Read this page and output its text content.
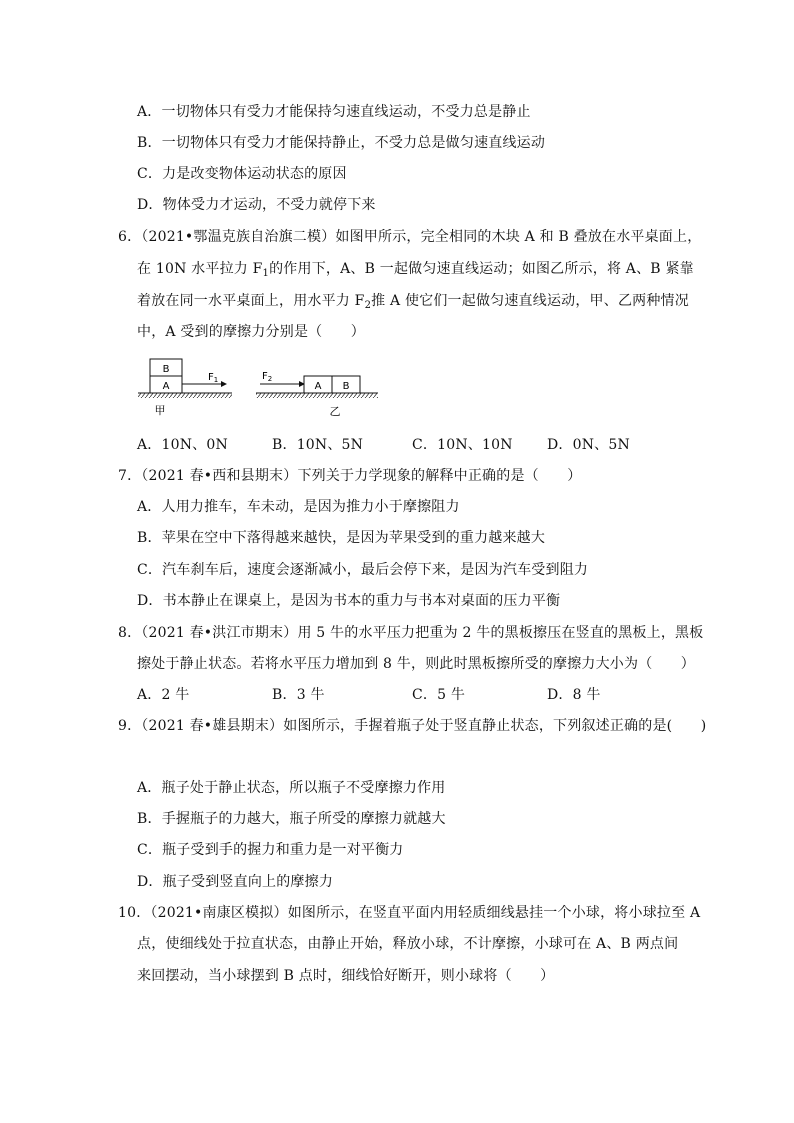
A．一切物体只有受力才能保持匀速直线运动，不受力总是静止
B．一切物体只有受力才能保持静止，不受力总是做匀速直线运动
C．力是改变物体运动状态的原因
D．物体受力才运动，不受力就停下来
6．（2021•鄂温克族自治旗二模）如图甲所示，完全相同的木块 A 和 B 叠放在水平桌面上，
在 10N 水平拉力 $F_1$的作用下，A、B 一起做匀速直线运动；如图乙所示，将 A、B 紧靠
着放在同一水平桌面上，用水平力 $F_2$推 A 使它们一起做匀速直线运动，甲、乙两种情况
中，A 受到的摩擦力分别是（　　）
B
A
$F_1$
甲
$F_2$
A B
乙
A．10N、0N	B．10N、5N	C．10N、10N D．0N、5N
7．（2021 春•西和县期末）下列关于力学现象的解释中正确的是（　　）
A．人用力推车，车未动，是因为推力小于摩擦阻力
B．苹果在空中下落得越来越快，是因为苹果受到的重力越来越大
C．汽车刹车后，速度会逐渐减小，最后会停下来，是因为汽车受到阻力
D．书本静止在课桌上，是因为书本的重力与书本对桌面的压力平衡
8．（2021 春•洪江市期末）用 5 牛的水平压力把重为 2 牛的黑板擦压在竖直的黑板上，黑板
擦处于静止状态。若将水平压力增加到 8 牛，则此时黑板擦所受的摩擦力大小为（　　）
A．2 牛	B．3 牛	C．5 牛	D．8 牛
9．（2021 春•雄县期末）如图所示，手握着瓶子处于竖直静止状态，下列叙述正确的是(　　)
A．瓶子处于静止状态，所以瓶子不受摩擦力作用
B．手握瓶子的力越大，瓶子所受的摩擦力就越大
C．瓶子受到手的握力和重力是一对平衡力
D．瓶子受到竖直向上的摩擦力
10．（2021•南康区模拟）如图所示，在竖直平面内用轻质细线悬挂一个小球，将小球拉至 A
点，使细线处于拉直状态，由静止开始，释放小球，不计摩擦，小球可在 A、B 两点间
来回摆动，当小球摆到 B 点时，细线恰好断开，则小球将（　　）
